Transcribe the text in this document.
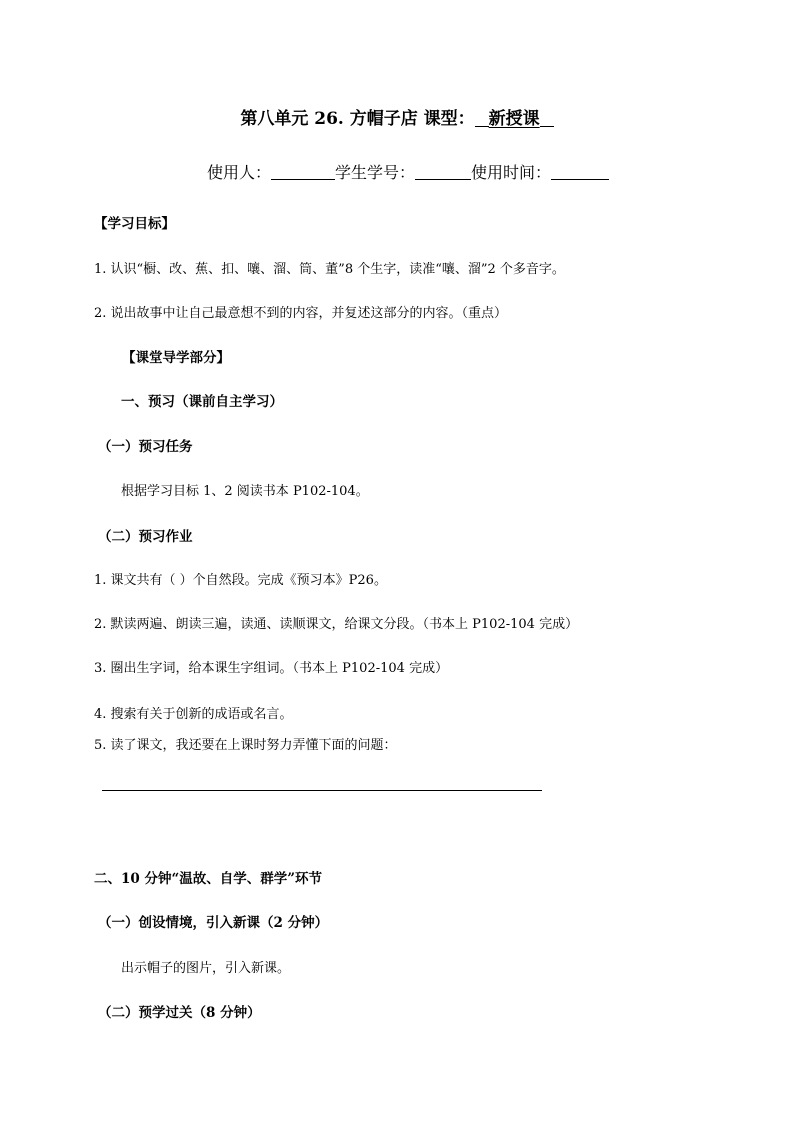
第八单元 26. 方帽子店 课型： 新授课
使用人：	学生学号：	使用时间：
【学习目标】
1. 认识“橱、改、蕉、扣、嚷、溜、筒、董”8 个生字，读准“嚷、溜”2 个多音字。
2. 说出故事中让自己最意想不到的内容，并复述这部分的内容。（重点）
【课堂导学部分】
一、预习（课前自主学习）
（一）预习任务
根据学习目标 1、2 阅读书本 P102-104。
（二）预习作业
1. 课文共有（ ）个自然段。完成《预习本》P26。
2. 默读两遍、朗读三遍，读通、读顺课文，给课文分段。（书本上 P102-104 完成）
3. 圈出生字词，给本课生字组词。（书本上 P102-104 完成）
4. 搜索有关于创新的成语或名言。
5. 读了课文，我还要在上课时努力弄懂下面的问题：
二、10 分钟“温故、自学、群学”环节
（一）创设情境，引入新课（2 分钟）
出示帽子的图片，引入新课。
（二）预学过关（8 分钟）
